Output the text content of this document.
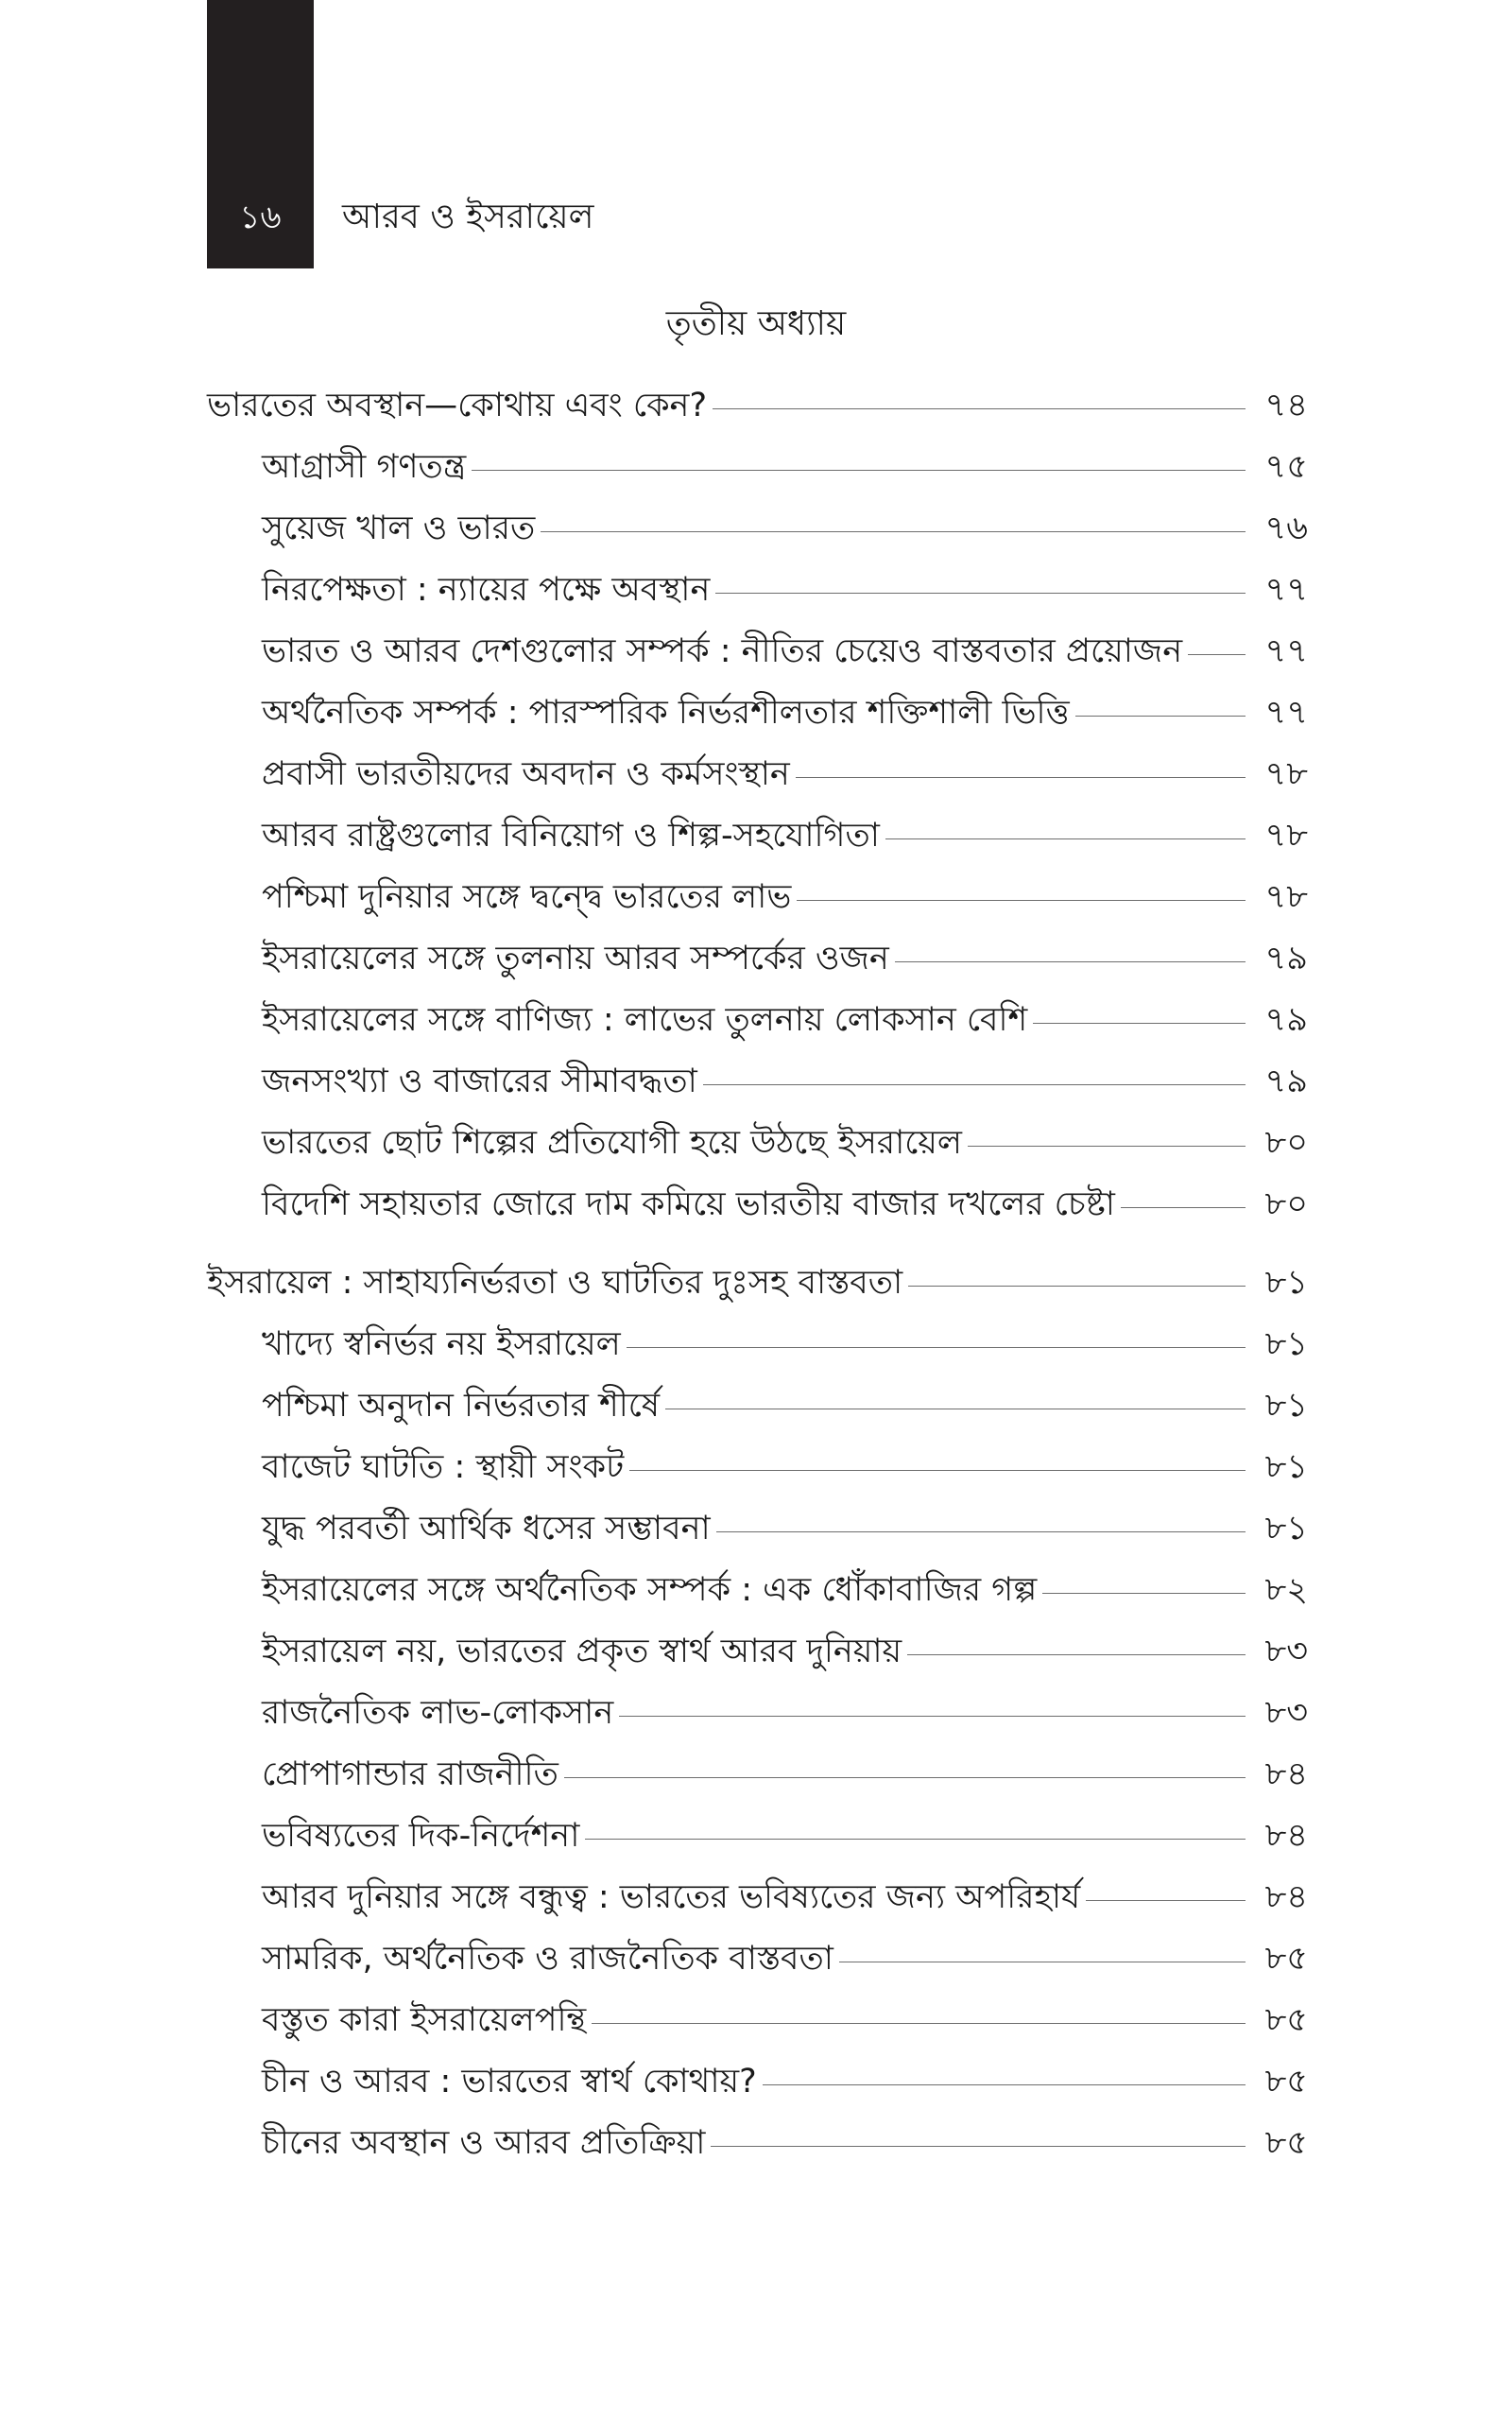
১৬	আরব ও ইসরায়েল
তৃতীয় অধ্যায়
ভারতের অবস্থান—কোথায় এবং কেন?	৭৪
আগ্রাসী গণতন্ত্র	৭৫
সুয়েজ খাল ও ভারত	৭৬
নিরপেক্ষতা : ন্যায়ের পক্ষে অবস্থান	৭৭
ভারত ও আরব দেশগুলোর সম্পর্ক : নীতির চেয়েও বাস্তবতার প্রয়োজন	৭৭
অর্থনৈতিক সম্পর্ক : পারস্পরিক নির্ভরশীলতার শক্তিশালী ভিত্তি	৭৭
প্রবাসী ভারতীয়দের অবদান ও কর্মসংস্থান	৭৮
আরব রাষ্ট্রগুলোর বিনিয়োগ ও শিল্প-সহযোগিতা	৭৮
পশ্চিমা দুনিয়ার সঙ্গে দ্বন্দ্বে ভারতের লাভ	৭৮
ইসরায়েলের সঙ্গে তুলনায় আরব সম্পর্কের ওজন	৭৯
ইসরায়েলের সঙ্গে বাণিজ্য : লাভের তুলনায় লোকসান বেশি	৭৯
জনসংখ্যা ও বাজারের সীমাবদ্ধতা	৭৯
ভারতের ছোট শিল্পের প্রতিযোগী হয়ে উঠছে ইসরায়েল	৮০
বিদেশি সহায়তার জোরে দাম কমিয়ে ভারতীয় বাজার দখলের চেষ্টা	৮০
ইসরায়েল : সাহায্যনির্ভরতা ও ঘাটতির দুঃসহ বাস্তবতা	৮১
খাদ্যে স্বনির্ভর নয় ইসরায়েল	৮১
পশ্চিমা অনুদান নির্ভরতার শীর্ষে	৮১
বাজেট ঘাটতি : স্থায়ী সংকট	৮১
যুদ্ধ পরবর্তী আর্থিক ধসের সম্ভাবনা	৮১
ইসরায়েলের সঙ্গে অর্থনৈতিক সম্পর্ক : এক ধোঁকাবাজির গল্প	৮২
ইসরায়েল নয়, ভারতের প্রকৃত স্বার্থ আরব দুনিয়ায়	৮৩
রাজনৈতিক লাভ-লোকসান	৮৩
প্রোপাগান্ডার রাজনীতি	৮৪
ভবিষ্যতের দিক-নির্দেশনা	৮৪
আরব দুনিয়ার সঙ্গে বন্ধুত্ব : ভারতের ভবিষ্যতের জন্য অপরিহার্য	৮৪
সামরিক, অর্থনৈতিক ও রাজনৈতিক বাস্তবতা	৮৫
বস্তুত কারা ইসরায়েলপন্থি	৮৫
চীন ও আরব : ভারতের স্বার্থ কোথায়?	৮৫
চীনের অবস্থান ও আরব প্রতিক্রিয়া	৮৫
